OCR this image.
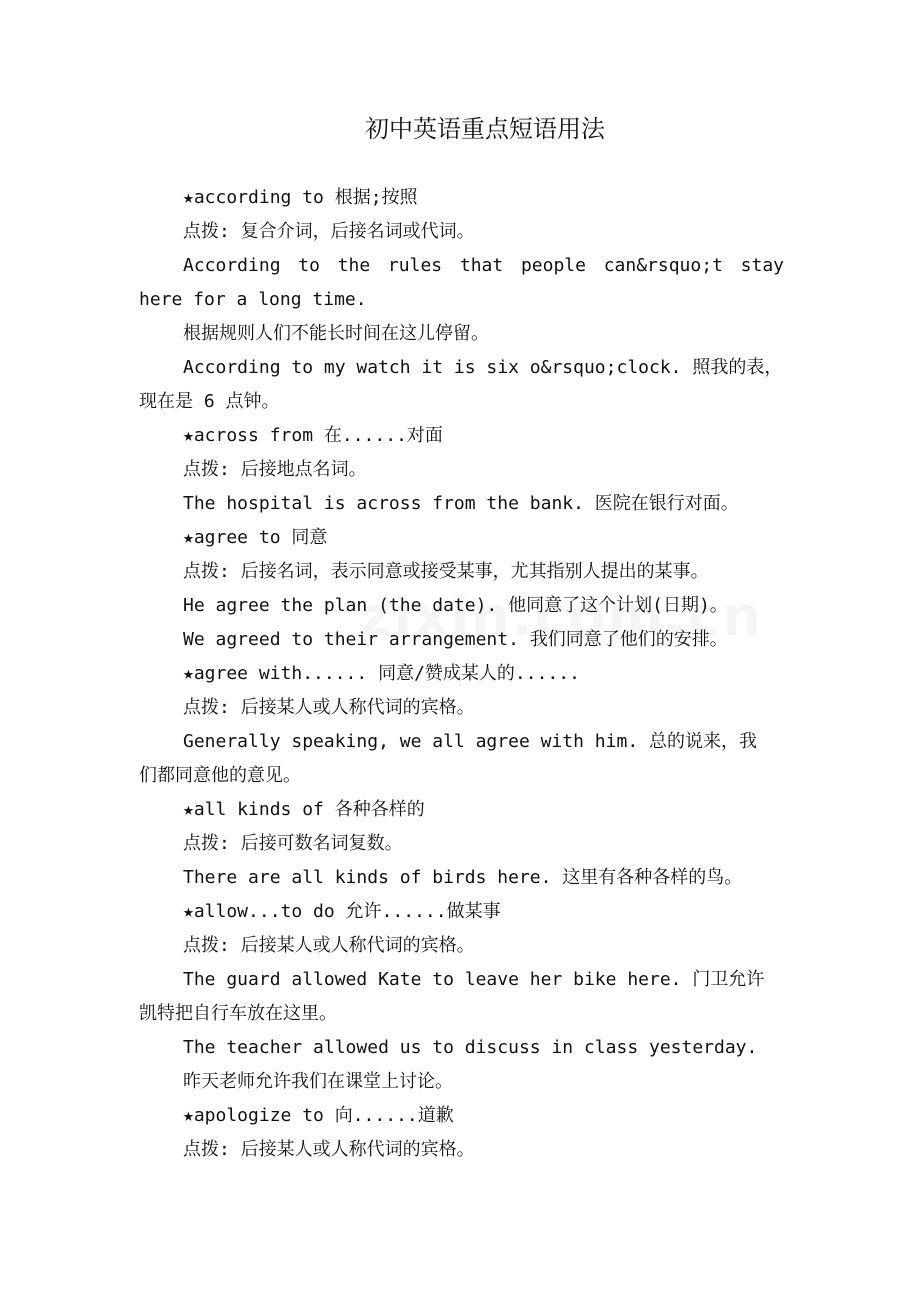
初中英语重点短语用法
★according to 根据;按照
点拨: 复合介词，后接名词或代词。
According to the rules that people can&rsquo;t stay
here for a long time.
根据规则人们不能长时间在这儿停留。
According to my watch it is six o&rsquo;clock. 照我的表，
现在是 6 点钟。
★across from 在......对面
点拨: 后接地点名词。
The hospital is across from the bank. 医院在银行对面。
★agree to 同意
点拨: 后接名词，表示同意或接受某事，尤其指别人提出的某事。
He agree the plan (the date). 他同意了这个计划(日期)。
We agreed to their arrangement. 我们同意了他们的安排。
★agree with...... 同意/赞成某人的......
点拨: 后接某人或人称代词的宾格。
Generally speaking, we all agree with him. 总的说来，我
们都同意他的意见。
★all kinds of 各种各样的
点拨: 后接可数名词复数。
There are all kinds of birds here. 这里有各种各样的鸟。
★allow...to do 允许......做某事
点拨: 后接某人或人称代词的宾格。
The guard allowed Kate to leave her bike here. 门卫允许
凯特把自行车放在这里。
The teacher allowed us to discuss in class yesterday.
昨天老师允许我们在课堂上讨论。
★apologize to 向......道歉
点拨: 后接某人或人称代词的宾格。
